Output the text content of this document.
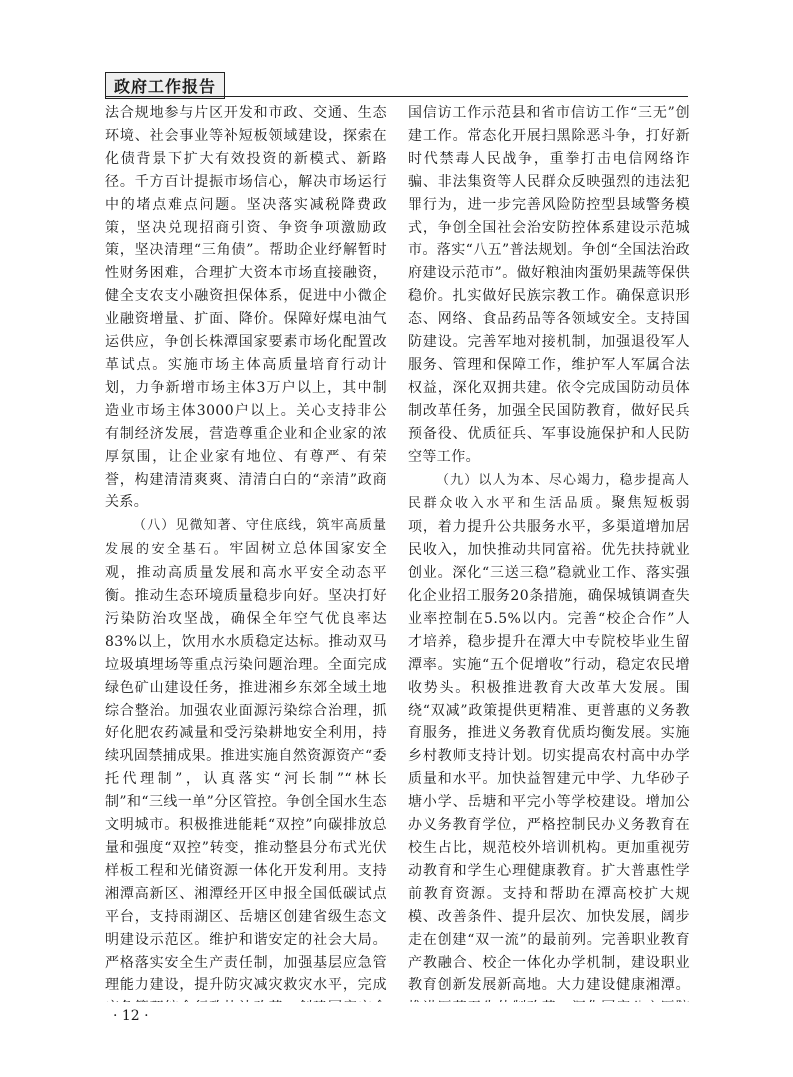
政府工作报告

法合规地参与片区开发和市政、交通、生态环境、社会事业等补短板领域建设，探索在化债背景下扩大有效投资的新模式、新路径。千方百计提振市场信心，解决市场运行中的堵点难点问题。坚决落实减税降费政策，坚决兑现招商引资、争资争项激励政策，坚决清理“三角债”。帮助企业纾解暂时性财务困难，合理扩大资本市场直接融资，健全支农支小融资担保体系，促进中小微企业融资增量、扩面、降价。保障好煤电油气运供应，争创长株潭国家要素市场化配置改革试点。实施市场主体高质量培育行动计划，力争新增市场主体3万户以上，其中制造业市场主体3000户以上。关心支持非公有制经济发展，营造尊重企业和企业家的浓厚氛围，让企业家有地位、有尊严、有荣誉，构建清清爽爽、清清白白的“亲清”政商关系。

（八）见微知著、守住底线，筑牢高质量发展的安全基石。牢固树立总体国家安全观，推动高质量发展和高水平安全动态平衡。推动生态环境质量稳步向好。坚决打好污染防治攻坚战，确保全年空气优良率达83%以上，饮用水水质稳定达标。推动双马垃圾填埋场等重点污染问题治理。全面完成绿色矿山建设任务，推进湘乡东郊全域土地综合整治。加强农业面源污染综合治理，抓好化肥农药减量和受污染耕地安全利用，持续巩固禁捕成果。推进实施自然资源资产“委托代理制”，认真落实“河长制”“林长制”和“三线一单”分区管控。争创全国水生态文明城市。积极推进能耗“双控”向碳排放总量和强度“双控”转变，推动整县分布式光伏样板工程和光储资源一体化开发利用。支持湘潭高新区、湘潭经开区申报全国低碳试点平台，支持雨湖区、岳塘区创建省级生态文明建设示范区。维护和谐安定的社会大局。严格落实安全生产责任制，加强基层应急管理能力建设，提升防灾减灾救灾水平，完成

国信访工作示范县和省市信访工作“三无”创建工作。常态化开展扫黑除恶斗争，打好新时代禁毒人民战争，重拳打击电信网络诈骗、非法集资等人民群众反映强烈的违法犯罪行为，进一步完善风险防控型县域警务模式，争创全国社会治安防控体系建设示范城市。落实“八五”普法规划。争创“全国法治政府建设示范市”。做好粮油肉蛋奶果蔬等保供稳价。扎实做好民族宗教工作。确保意识形态、网络、食品药品等各领域安全。支持国防建设。完善军地对接机制，加强退役军人服务、管理和保障工作，维护军人军属合法权益，深化双拥共建。依令完成国防动员体制改革任务，加强全民国防教育，做好民兵预备役、优质征兵、军事设施保护和人民防空等工作。

（九）以人为本、尽心竭力，稳步提高人民群众收入水平和生活品质。聚焦短板弱项，着力提升公共服务水平，多渠道增加居民收入，加快推动共同富裕。优先扶持就业创业。深化“三送三稳”稳就业工作、落实强化企业招工服务20条措施，确保城镇调查失业率控制在5.5%以内。完善“校企合作”人才培养，稳步提升在潭大中专院校毕业生留潭率。实施“五个促增收”行动，稳定农民增收势头。积极推进教育大改革大发展。围绕“双减”政策提供更精准、更普惠的义务教育服务，推进义务教育优质均衡发展。实施乡村教师支持计划。切实提高农村高中办学质量和水平。加快益智建元中学、九华砂子塘小学、岳塘和平完小等学校建设。增加公办义务教育学位，严格控制民办义务教育在校生占比，规范校外培训机构。更加重视劳动教育和学生心理健康教育。扩大普惠性学前教育资源。支持和帮助在潭高校扩大规模、改善条件、提升层次、加快发展，阔步走在创建“双一流”的最前列。完善职业教育产教融合、校企一体化办学机制，建设职业教育创新发展新高地。大力建设健康湘潭。

· 12 ·
